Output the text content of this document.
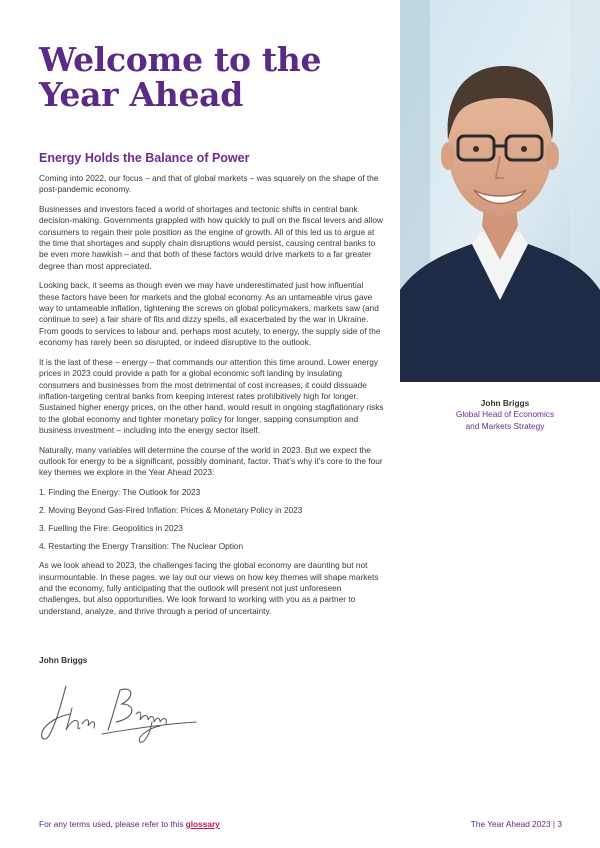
Welcome to the Year Ahead
Energy Holds the Balance of Power

Coming into 2022, our focus – and that of global markets – was squarely on the shape of the post-pandemic economy.

Businesses and investors faced a world of shortages and tectonic shifts in central bank decision-making. Governments grappled with how quickly to pull on the fiscal levers and allow consumers to regain their pole position as the engine of growth. All of this led us to argue at the time that shortages and supply chain disruptions would persist, causing central banks to be even more hawkish – and that both of these factors would drive markets to a far greater degree than most appreciated.

Looking back, it seems as though even we may have underestimated just how influential these factors have been for markets and the global economy. As an untameable virus gave way to untameable inflation, tightening the screws on global policymakers, markets saw (and continue to see) a fair share of fits and dizzy spells, all exacerbated by the war in Ukraine. From goods to services to labour and, perhaps most acutely, to energy, the supply side of the economy has rarely been so disrupted, or indeed disruptive to the outlook.

It is the last of these – energy – that commands our attention this time around. Lower energy prices in 2023 could provide a path for a global economic soft landing by insulating consumers and businesses from the most detrimental of cost increases; it could dissuade inflation-targeting central banks from keeping interest rates prohibitively high for longer. Sustained higher energy prices, on the other hand, would result in ongoing stagflationary risks to the global economy and tighter monetary policy for longer, sapping consumption and business investment – including into the energy sector itself.

Naturally, many variables will determine the course of the world in 2023. But we expect the outlook for energy to be a significant, possibly dominant, factor. That’s why it’s core to the four key themes we explore in the Year Ahead 2023:

1. Finding the Energy: The Outlook for 2023
2. Moving Beyond Gas-Fired Inflation: Prices & Monetary Policy in 2023
3. Fuelling the Fire: Geopolitics in 2023
4. Restarting the Energy Transition: The Nuclear Option

As we look ahead to 2023, the challenges facing the global economy are daunting but not insurmountable. In these pages, we lay out our views on how key themes will shape markets and the economy, fully anticipating that the outlook will present not just unforeseen challenges, but also opportunities. We look forward to working with you as a partner to understand, analyze, and thrive through a period of uncertainty.

John Briggs
John Briggs
Global Head of Economics
and Markets Strategy
For any terms used, please refer to this glossary	The Year Ahead 2023 | 3
